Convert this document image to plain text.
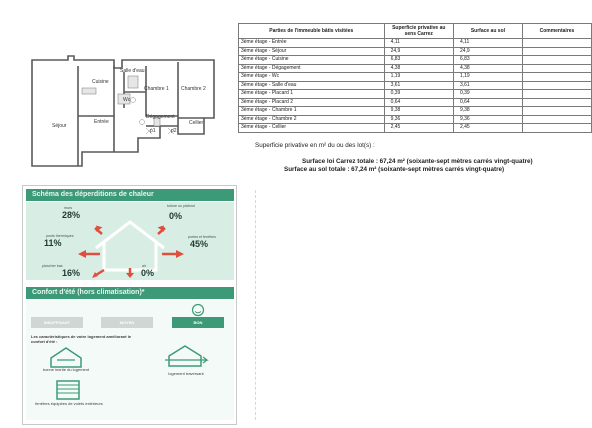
Séjour
Entrée
Cuisine
Salle d'eau
Chambre 1 Chambre 2
Dégagement
Cellier
p1	p2
Wc
Parties de l'immeuble bâtis visitées	Superficie privative au sens Carrez	Surface au sol	Commentaires
3ème étage - Entrée	4,11	4,11	
3ème étage - Séjour	24,9	24,9	
3ème étage - Cuisine	6,83	6,83	
3ème étage - Dégagement	4,38	4,38	
3ème étage - Wc	1,19	1,19	
3ème étage - Salle d'eau	3,61	3,61	
3ème étage - Placard 1	0,39	0,39	
3ème étage - Placard 2	0,64	0,64	
3ème étage - Chambre 1	9,38	9,38	
3ème étage - Chambre 2	9,36	9,36	
3ème étage - Cellier	2,45	2,45	
Superficie privative en m² du ou des lot(s) :
Surface loi Carrez totale : 67,24 m² (soixante-sept mètres carrés vingt-quatre)
Surface au sol totale : 67,24 m² (soixante-sept mètres carrés vingt-quatre)
Schéma des déperditions de chaleur
murs
28%
toiture ou plafond
0%
ponts thermiques
11%
portes et fenêtres
45%
plancher bas
16%
air
0%
Confort d'été (hors climatisation)*
INSUFFISANT	MOYEN	BON
Les caractéristiques de votre logement améliorant le confort d'été :
bonne inertie du logement
logement traversant
fenêtres équipées de volets extérieurs
